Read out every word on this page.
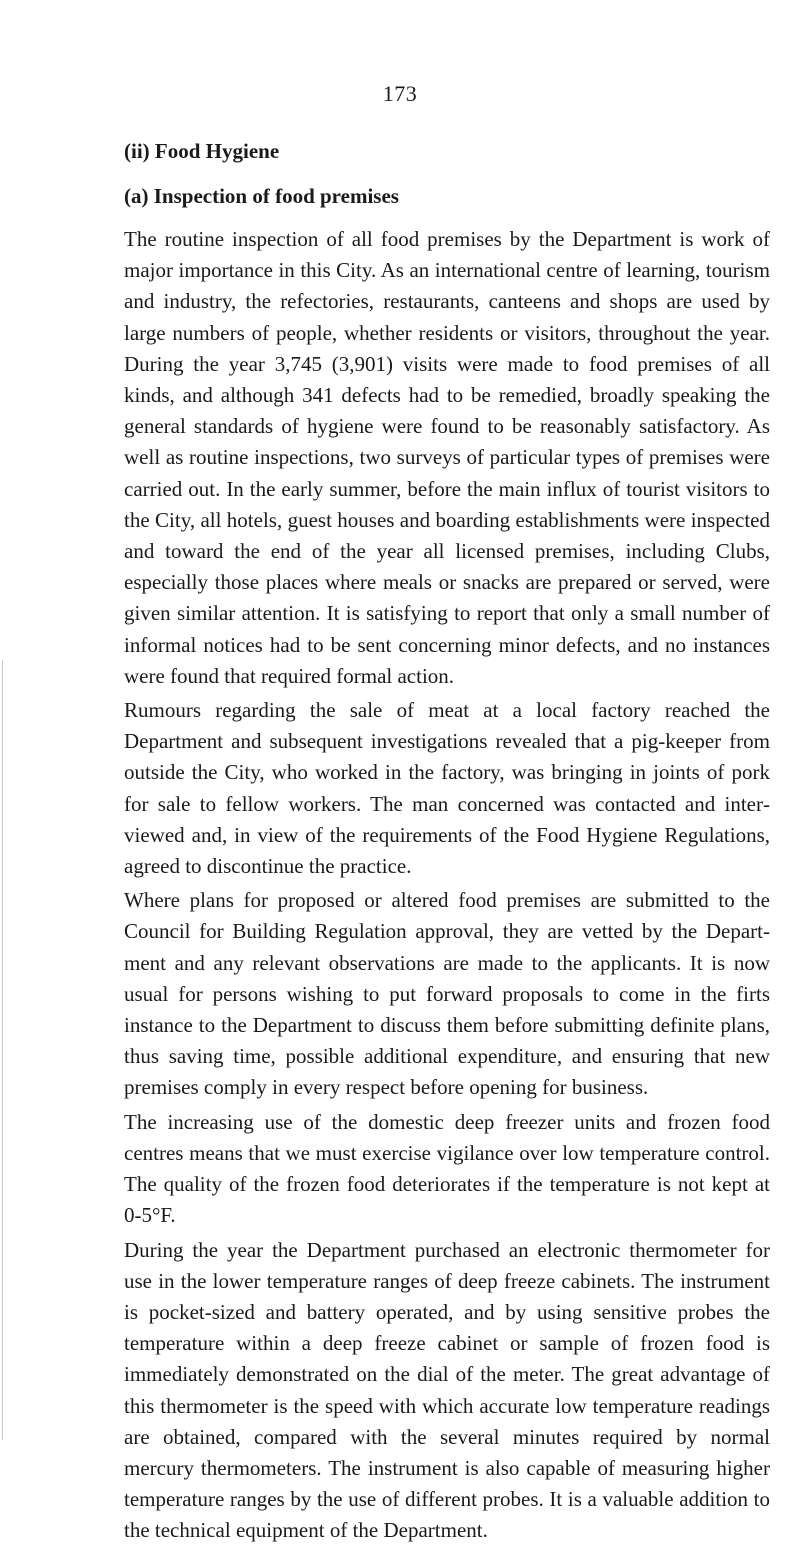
173
(ii) Food Hygiene
(a) Inspection of food premises

The routine inspection of all food premises by the Department is work of major importance in this City. As an international centre of learning, tourism and industry, the refectories, restaurants, canteens and shops are used by large numbers of people, whether residents or visitors, throughout the year. During the year 3,745 (3,901) visits were made to food premises of all kinds, and although 341 defects had to be remedied, broadly speaking the general standards of hygiene were found to be reasonably satisfactory. As well as routine inspections, two surveys of particular types of premises were carried out. In the early summer, before the main influx of tourist visitors to the City, all hotels, guest houses and boarding establishments were inspected and toward the end of the year all licensed premises, including Clubs, especially those places where meals or snacks are prepared or served, were given similar attention. It is satisfying to report that only a small number of informal notices had to be sent concerning minor defects, and no instances were found that required formal action.

Rumours regarding the sale of meat at a local factory reached the Department and subsequent investigations revealed that a pig-keeper from outside the City, who worked in the factory, was bringing in joints of pork for sale to fellow workers. The man concerned was contacted and interviewed and, in view of the requirements of the Food Hygiene Regulations, agreed to discontinue the practice.

Where plans for proposed or altered food premises are submitted to the Council for Building Regulation approval, they are vetted by the Department and any relevant observations are made to the applicants. It is now usual for persons wishing to put forward proposals to come in the firts instance to the Department to discuss them before submitting definite plans, thus saving time, possible additional expenditure, and ensuring that new premises comply in every respect before opening for business.

The increasing use of the domestic deep freezer units and frozen food centres means that we must exercise vigilance over low temperature control. The quality of the frozen food deteriorates if the temperature is not kept at 0-5°F.

During the year the Department purchased an electronic thermometer for use in the lower temperature ranges of deep freeze cabinets. The instrument is pocket-sized and battery operated, and by using sensitive probes the temperature within a deep freeze cabinet or sample of frozen food is immediately demonstrated on the dial of the meter. The great advantage of this thermometer is the speed with which accurate low temperature readings are obtained, compared with the several minutes required by normal mercury thermometers. The instrument is also capable of measuring higher temperature ranges by the use of different probes. It is a valuable addition to the technical equipment of the Department.
